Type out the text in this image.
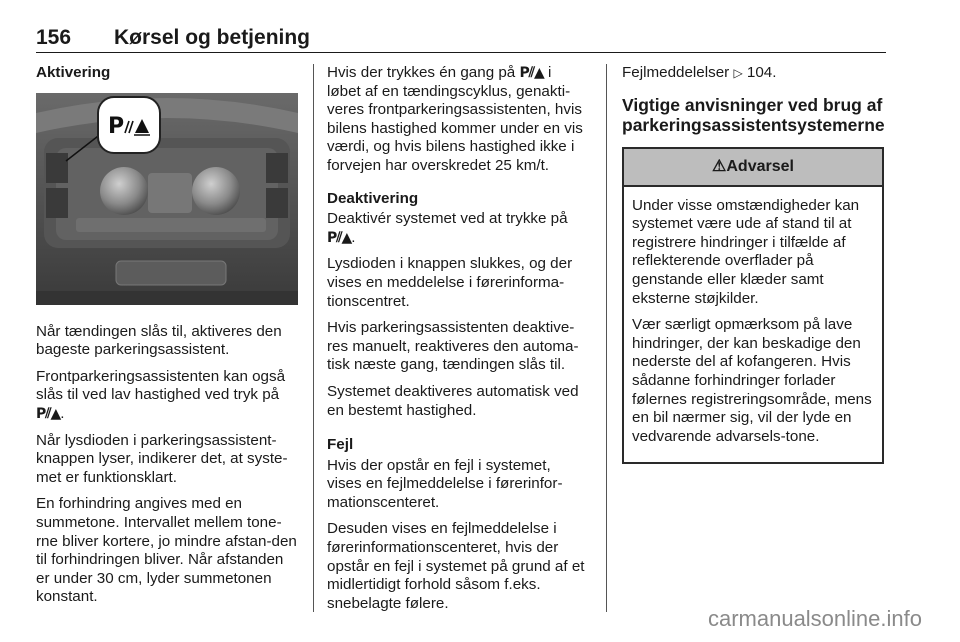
156 Kørsel og betjening
Aktivering
P

Når tændingen slås til, aktiveres den bageste parkeringsassistent.

Frontparkeringsassistenten kan også slås til ved lav hastighed ved tryk på
P⫽▲.

Når lysdioden i parkeringsassistent-knappen lyser, indikerer det, at syste-met er funktionsklart.

En forhindring angives med en summetone. Intervallet mellem tone-rne bliver kortere, jo mindre afstan-den til forhindringen bliver. Når afstanden er under 30 cm, lyder summetonen konstant.

Hvis der trykkes én gang på P⫽▲ i løbet af en tændingscyklus, genakti-veres frontparkeringsassistenten, hvis bilens hastighed kommer under en vis værdi, og hvis bilens hastighed ikke i forvejen har overskredet 25 km/t.

Deaktivering

Deaktivér systemet ved at trykke på
P⫽▲.

Lysdioden i knappen slukkes, og der vises en meddelelse i førerinforma-tionscentret.

Hvis parkeringsassistenten deaktive-res manuelt, reaktiveres den automa-tisk næste gang, tændingen slås til.

Systemet deaktiveres automatisk ved en bestemt hastighed.

Fejl

Hvis der opstår en fejl i systemet, vises en fejlmeddelelse i førerinfor-mationscenteret.

Desuden vises en fejlmeddelelse i førerinformationscenteret, hvis der opstår en fejl i systemet på grund af et midlertidigt forhold såsom f.eks. snebelagte følere.

Fejlmeddelelser ▷ 104.

Vigtige anvisninger ved brug af parkeringsassistentsystemerne
⚠Advarsel

Under visse omstændigheder kan systemet være ude af stand til at registrere hindringer i tilfælde af reflekterende overflader på genstande eller klæder samt eksterne støjkilder.

Vær særligt opmærksom på lave hindringer, der kan beskadige den nederste del af kofangeren. Hvis sådanne forhindringer forlader følernes registreringsområde, mens en bil nærmer sig, vil der lyde en vedvarende advarsels-tone.

carmanualsonline.info
